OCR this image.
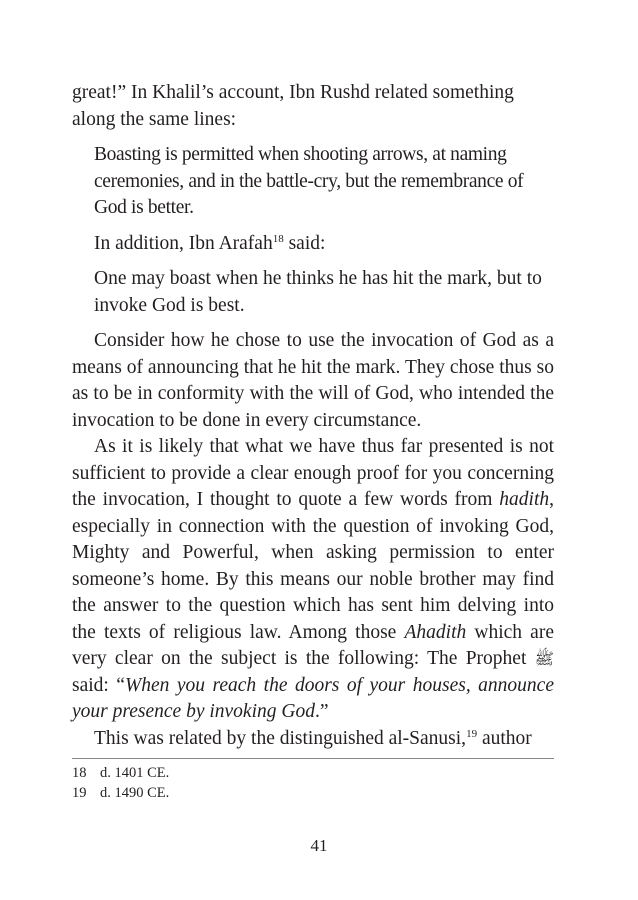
great!” In Khalil’s account, Ibn Rushd related something along the same lines:

Boasting is permitted when shooting arrows, at naming ceremonies, and in the battle-cry, but the remembrance of God is better.

In addition, Ibn Arafah$^{18}$ said:

One may boast when he thinks he has hit the mark, but to invoke God is best.

Consider how he chose to use the invocation of God as a means of announcing that he hit the mark. They chose thus so as to be in conformity with the will of God, who intended the invocation to be done in every circumstance.

As it is likely that what we have thus far presented is not sufficient to provide a clear enough proof for you concerning the invocation, I thought to quote a few words from hadith, especially in connection with the question of invoking God, Mighty and Powerful, when asking permission to enter someone’s home. By this means our noble brother may find the answer to the question which has sent him delving into the texts of religious law. Among those Ahadith which are very clear on the subject is the following: The Prophet ﷺ said: “When you reach the doors of your houses, announce your presence by invoking God.”

This was related by the distinguished al-Sanusi,$^{19}$ author

18 d. 1401 CE.

19 d. 1490 CE.

41
